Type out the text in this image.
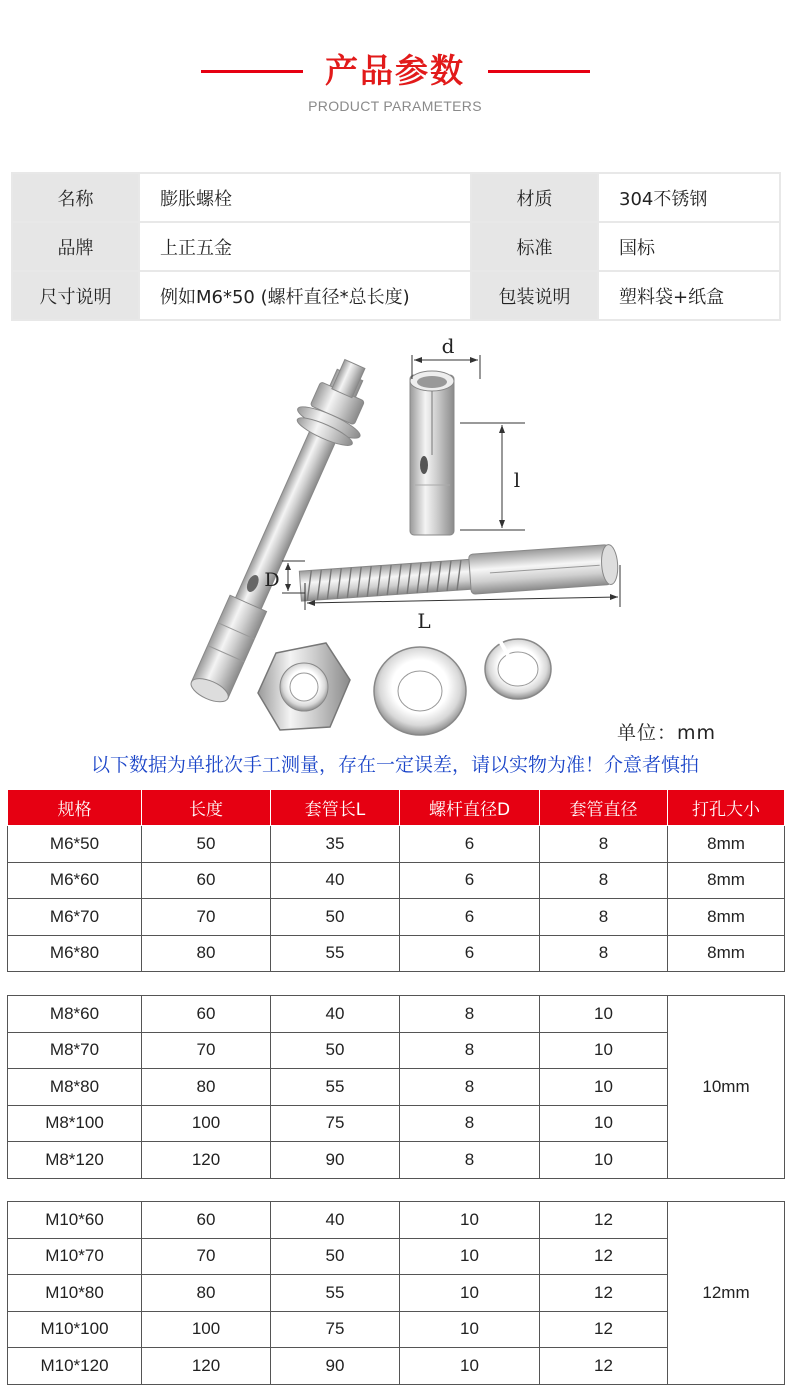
产品参数
PRODUCT PARAMETERS
名称	膨胀螺栓	材质	304不锈钢
品牌	上正五金	标准	国标
尺寸说明	例如M6*50 (螺杆直径*总长度)	包装说明	塑料袋+纸盒
d
l
D
L
单位：mm
以下数据为单批次手工测量，存在一定误差，请以实物为准！介意者慎拍
规格	长度	套管长L	螺杆直径D	套管直径	打孔大小
M6*50	50	35	6	8	8mm
M6*60	60	40	6	8	8mm
M6*70	70	50	6	8	8mm
M6*80	80	55	6	8	8mm
M8*60	60	40	8	10	10mm
M8*70	70	50	8	10	
M8*80	80	55	8	10	
M8*100	100	75	8	10	
M8*120	120	90	8	10	
M10*60	60	40	10	12	12mm
M10*70	70	50	10	12	
M10*80	80	55	10	12	
M10*100	100	75	10	12	
M10*120	120	90	10	12	
